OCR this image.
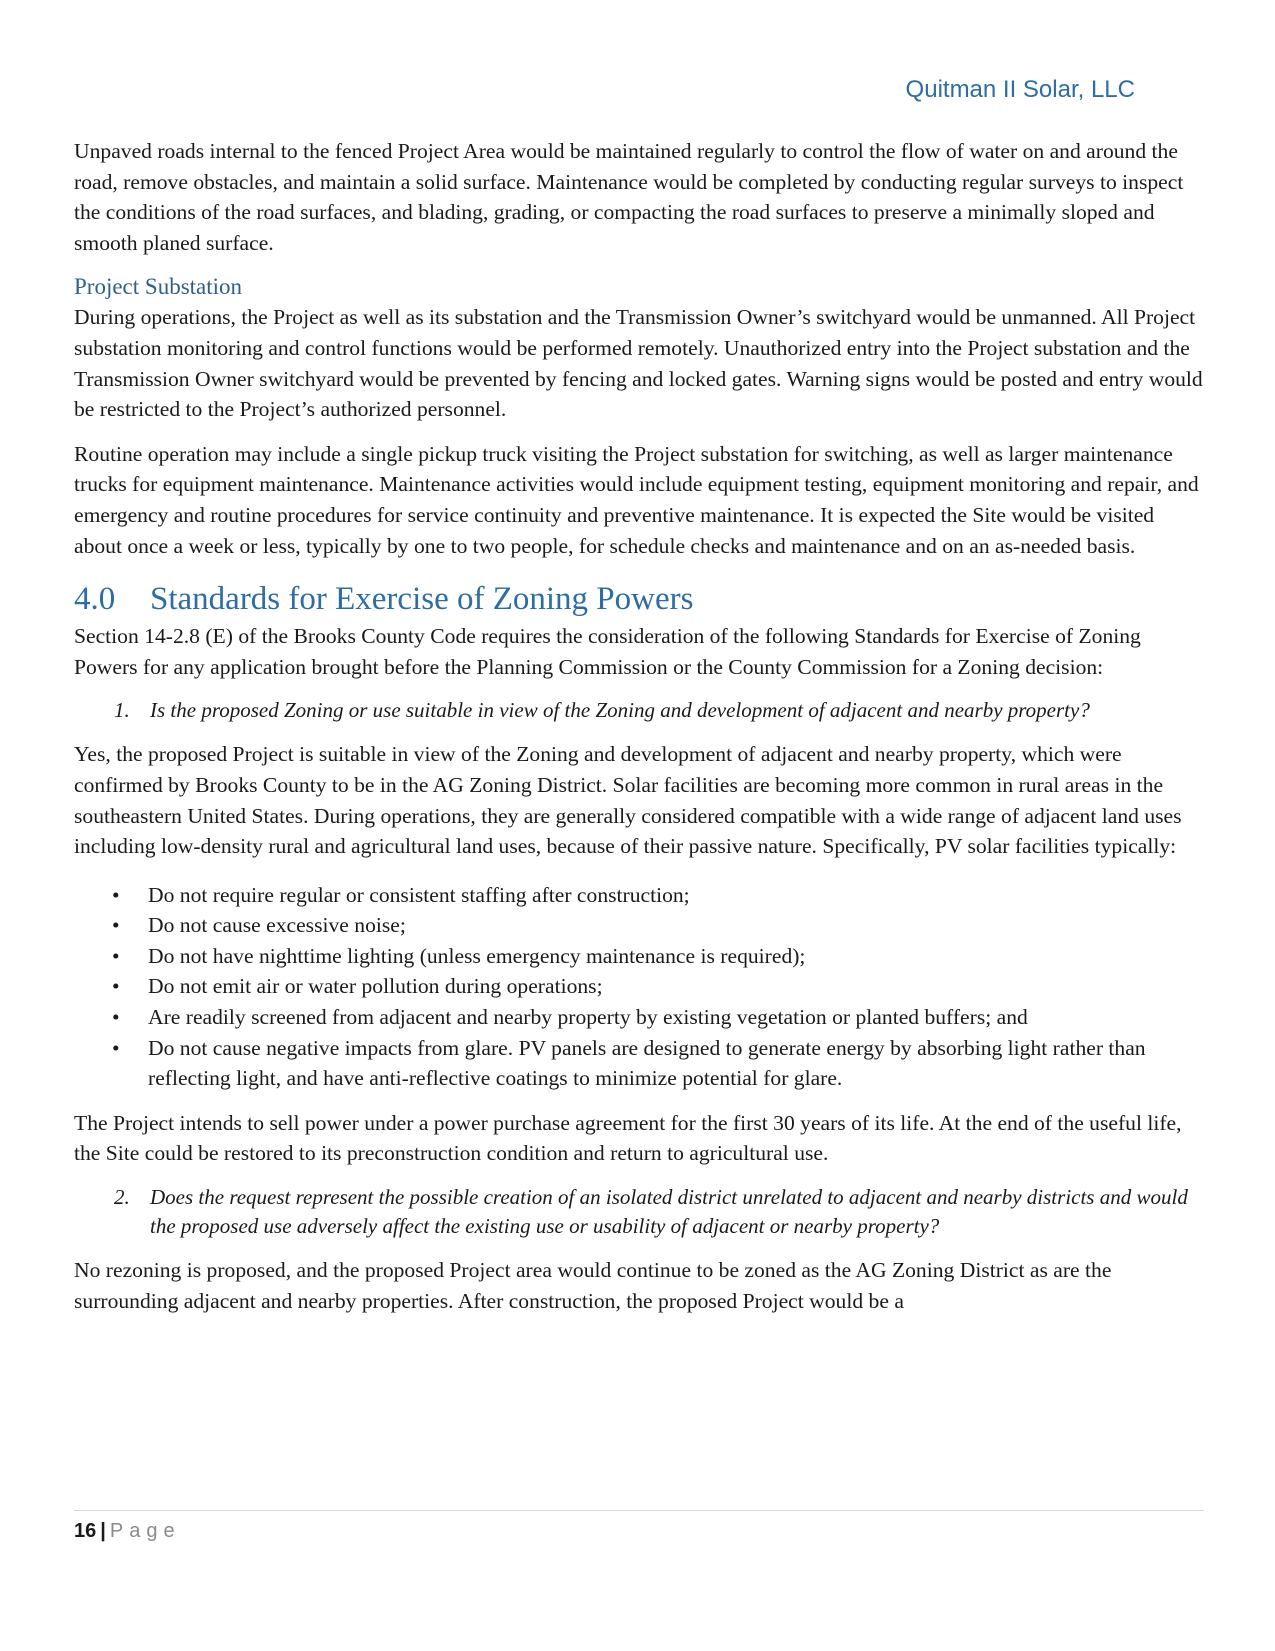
Quitman II Solar, LLC

Unpaved roads internal to the fenced Project Area would be maintained regularly to control the flow of water on and around the road, remove obstacles, and maintain a solid surface. Maintenance would be completed by conducting regular surveys to inspect the conditions of the road surfaces, and blading, grading, or compacting the road surfaces to preserve a minimally sloped and smooth planed surface.

Project Substation

During operations, the Project as well as its substation and the Transmission Owner’s switchyard would be unmanned. All Project substation monitoring and control functions would be performed remotely. Unauthorized entry into the Project substation and the Transmission Owner switchyard would be prevented by fencing and locked gates. Warning signs would be posted and entry would be restricted to the Project’s authorized personnel.

Routine operation may include a single pickup truck visiting the Project substation for switching, as well as larger maintenance trucks for equipment maintenance. Maintenance activities would include equipment testing, equipment monitoring and repair, and emergency and routine procedures for service continuity and preventive maintenance. It is expected the Site would be visited about once a week or less, typically by one to two people, for schedule checks and maintenance and on an as-needed basis.

4.0	Standards for Exercise of Zoning Powers

Section 14-2.8 (E) of the Brooks County Code requires the consideration of the following Standards for Exercise of Zoning Powers for any application brought before the Planning Commission or the County Commission for a Zoning decision:

1. Is the proposed Zoning or use suitable in view of the Zoning and development of adjacent and nearby property?

Yes, the proposed Project is suitable in view of the Zoning and development of adjacent and nearby property, which were confirmed by Brooks County to be in the AG Zoning District. Solar facilities are becoming more common in rural areas in the southeastern United States. During operations, they are generally considered compatible with a wide range of adjacent land uses including low-density rural and agricultural land uses, because of their passive nature. Specifically, PV solar facilities typically:

•	Do not require regular or consistent staffing after construction;
•	Do not cause excessive noise;
•	Do not have nighttime lighting (unless emergency maintenance is required);
•	Do not emit air or water pollution during operations;
•	Are readily screened from adjacent and nearby property by existing vegetation or planted buffers; and
•	Do not cause negative impacts from glare. PV panels are designed to generate energy by absorbing light rather than reflecting light, and have anti-reflective coatings to minimize potential for glare.

The Project intends to sell power under a power purchase agreement for the first 30 years of its life. At the end of the useful life, the Site could be restored to its preconstruction condition and return to agricultural use.

2. Does the request represent the possible creation of an isolated district unrelated to adjacent and nearby districts and would the proposed use adversely affect the existing use or usability of adjacent or nearby property?

No rezoning is proposed, and the proposed Project area would continue to be zoned as the AG Zoning District as are the surrounding adjacent and nearby properties. After construction, the proposed Project would be a

16 | Page
